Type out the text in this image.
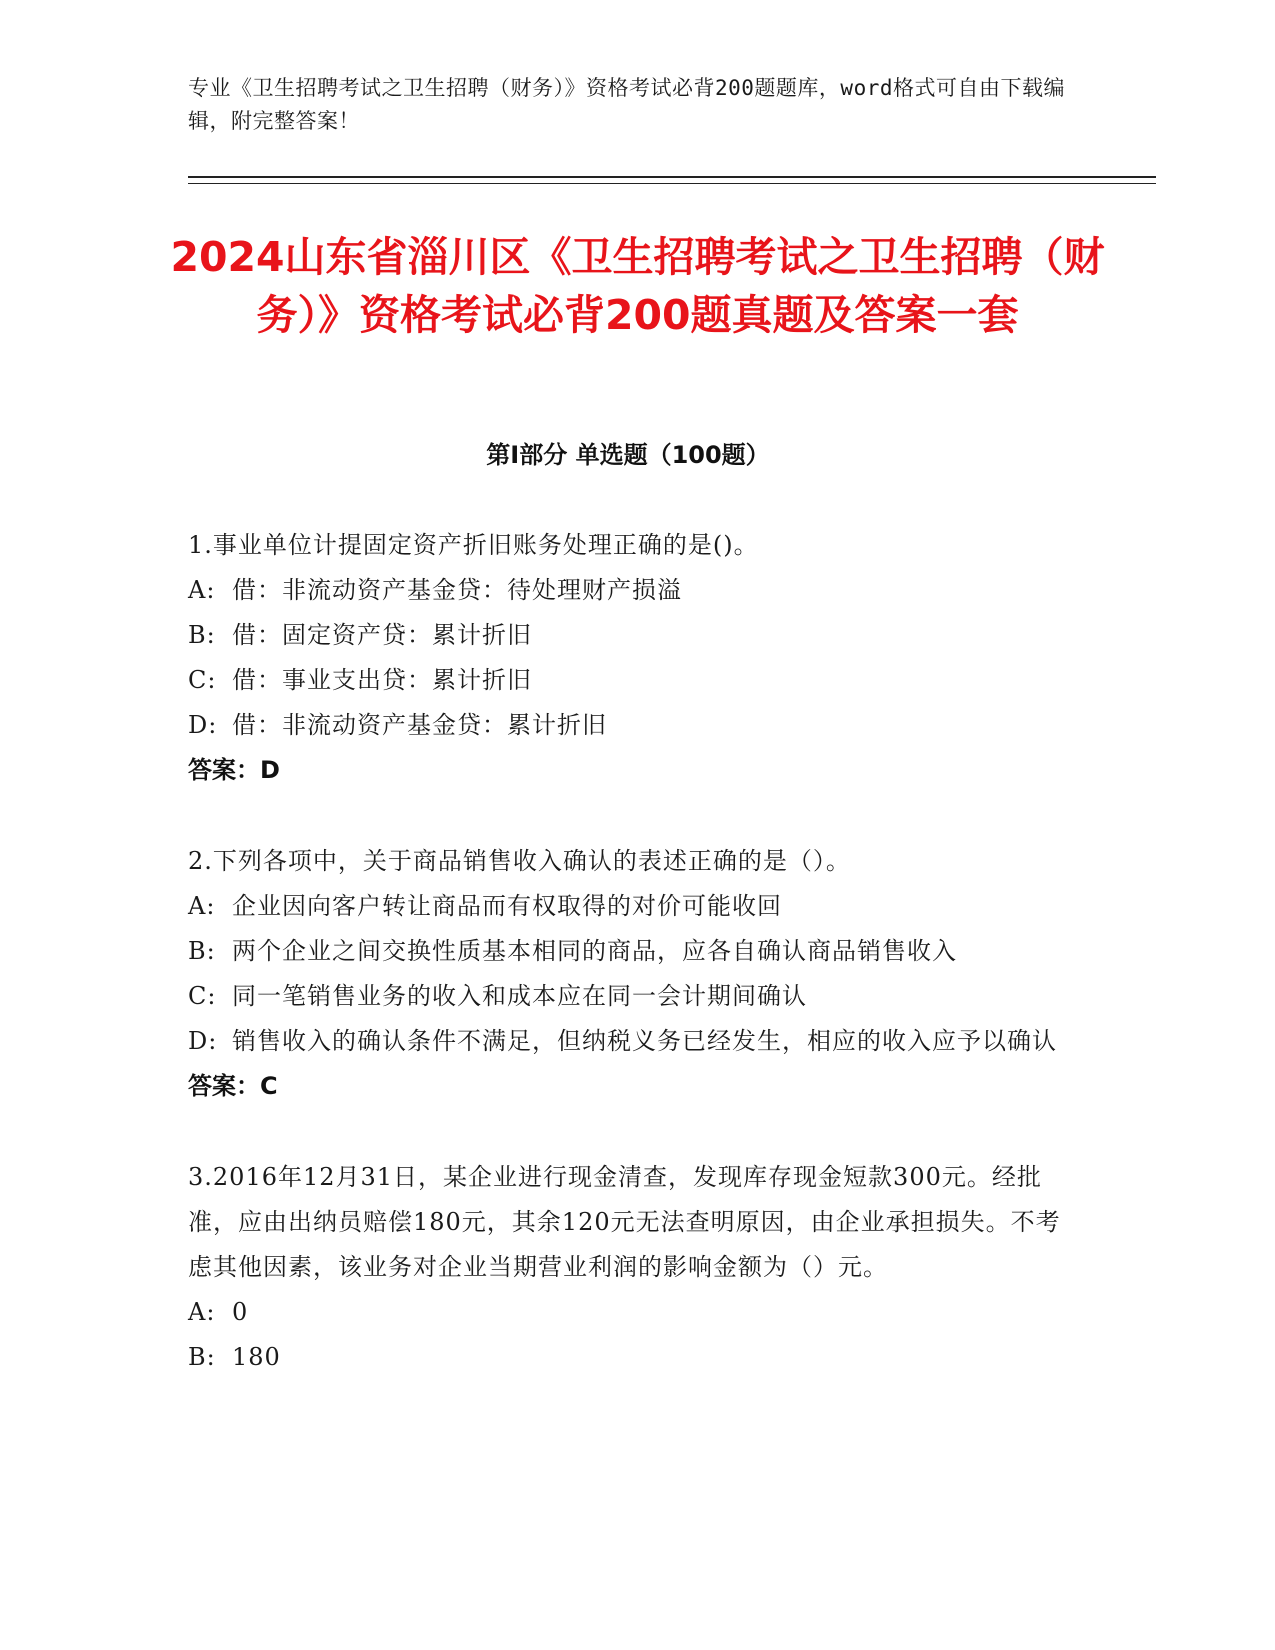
专业《卫生招聘考试之卫生招聘（财务）》资格考试必背200题题库，word格式可自由下载编辑，附完整答案！
2024山东省淄川区《卫生招聘考试之卫生招聘（财务）》资格考试必背200题真题及答案一套
第I部分 单选题（100题）
1.事业单位计提固定资产折旧账务处理正确的是()。
A: 借：非流动资产基金贷：待处理财产损溢
B: 借：固定资产贷：累计折旧
C: 借：事业支出贷：累计折旧
D: 借：非流动资产基金贷：累计折旧
答案：D
2.下列各项中，关于商品销售收入确认的表述正确的是（）。
A: 企业因向客户转让商品而有权取得的对价可能收回
B: 两个企业之间交换性质基本相同的商品，应各自确认商品销售收入
C: 同一笔销售业务的收入和成本应在同一会计期间确认
D: 销售收入的确认条件不满足，但纳税义务已经发生，相应的收入应予以确认
答案：C
3.2016年12月31日，某企业进行现金清查，发现库存现金短款300元。经批准，应由出纳员赔偿180元，其余120元无法查明原因，由企业承担损失。不考虑其他因素，该业务对企业当期营业利润的影响金额为（）元。
A: 0
B: 180
